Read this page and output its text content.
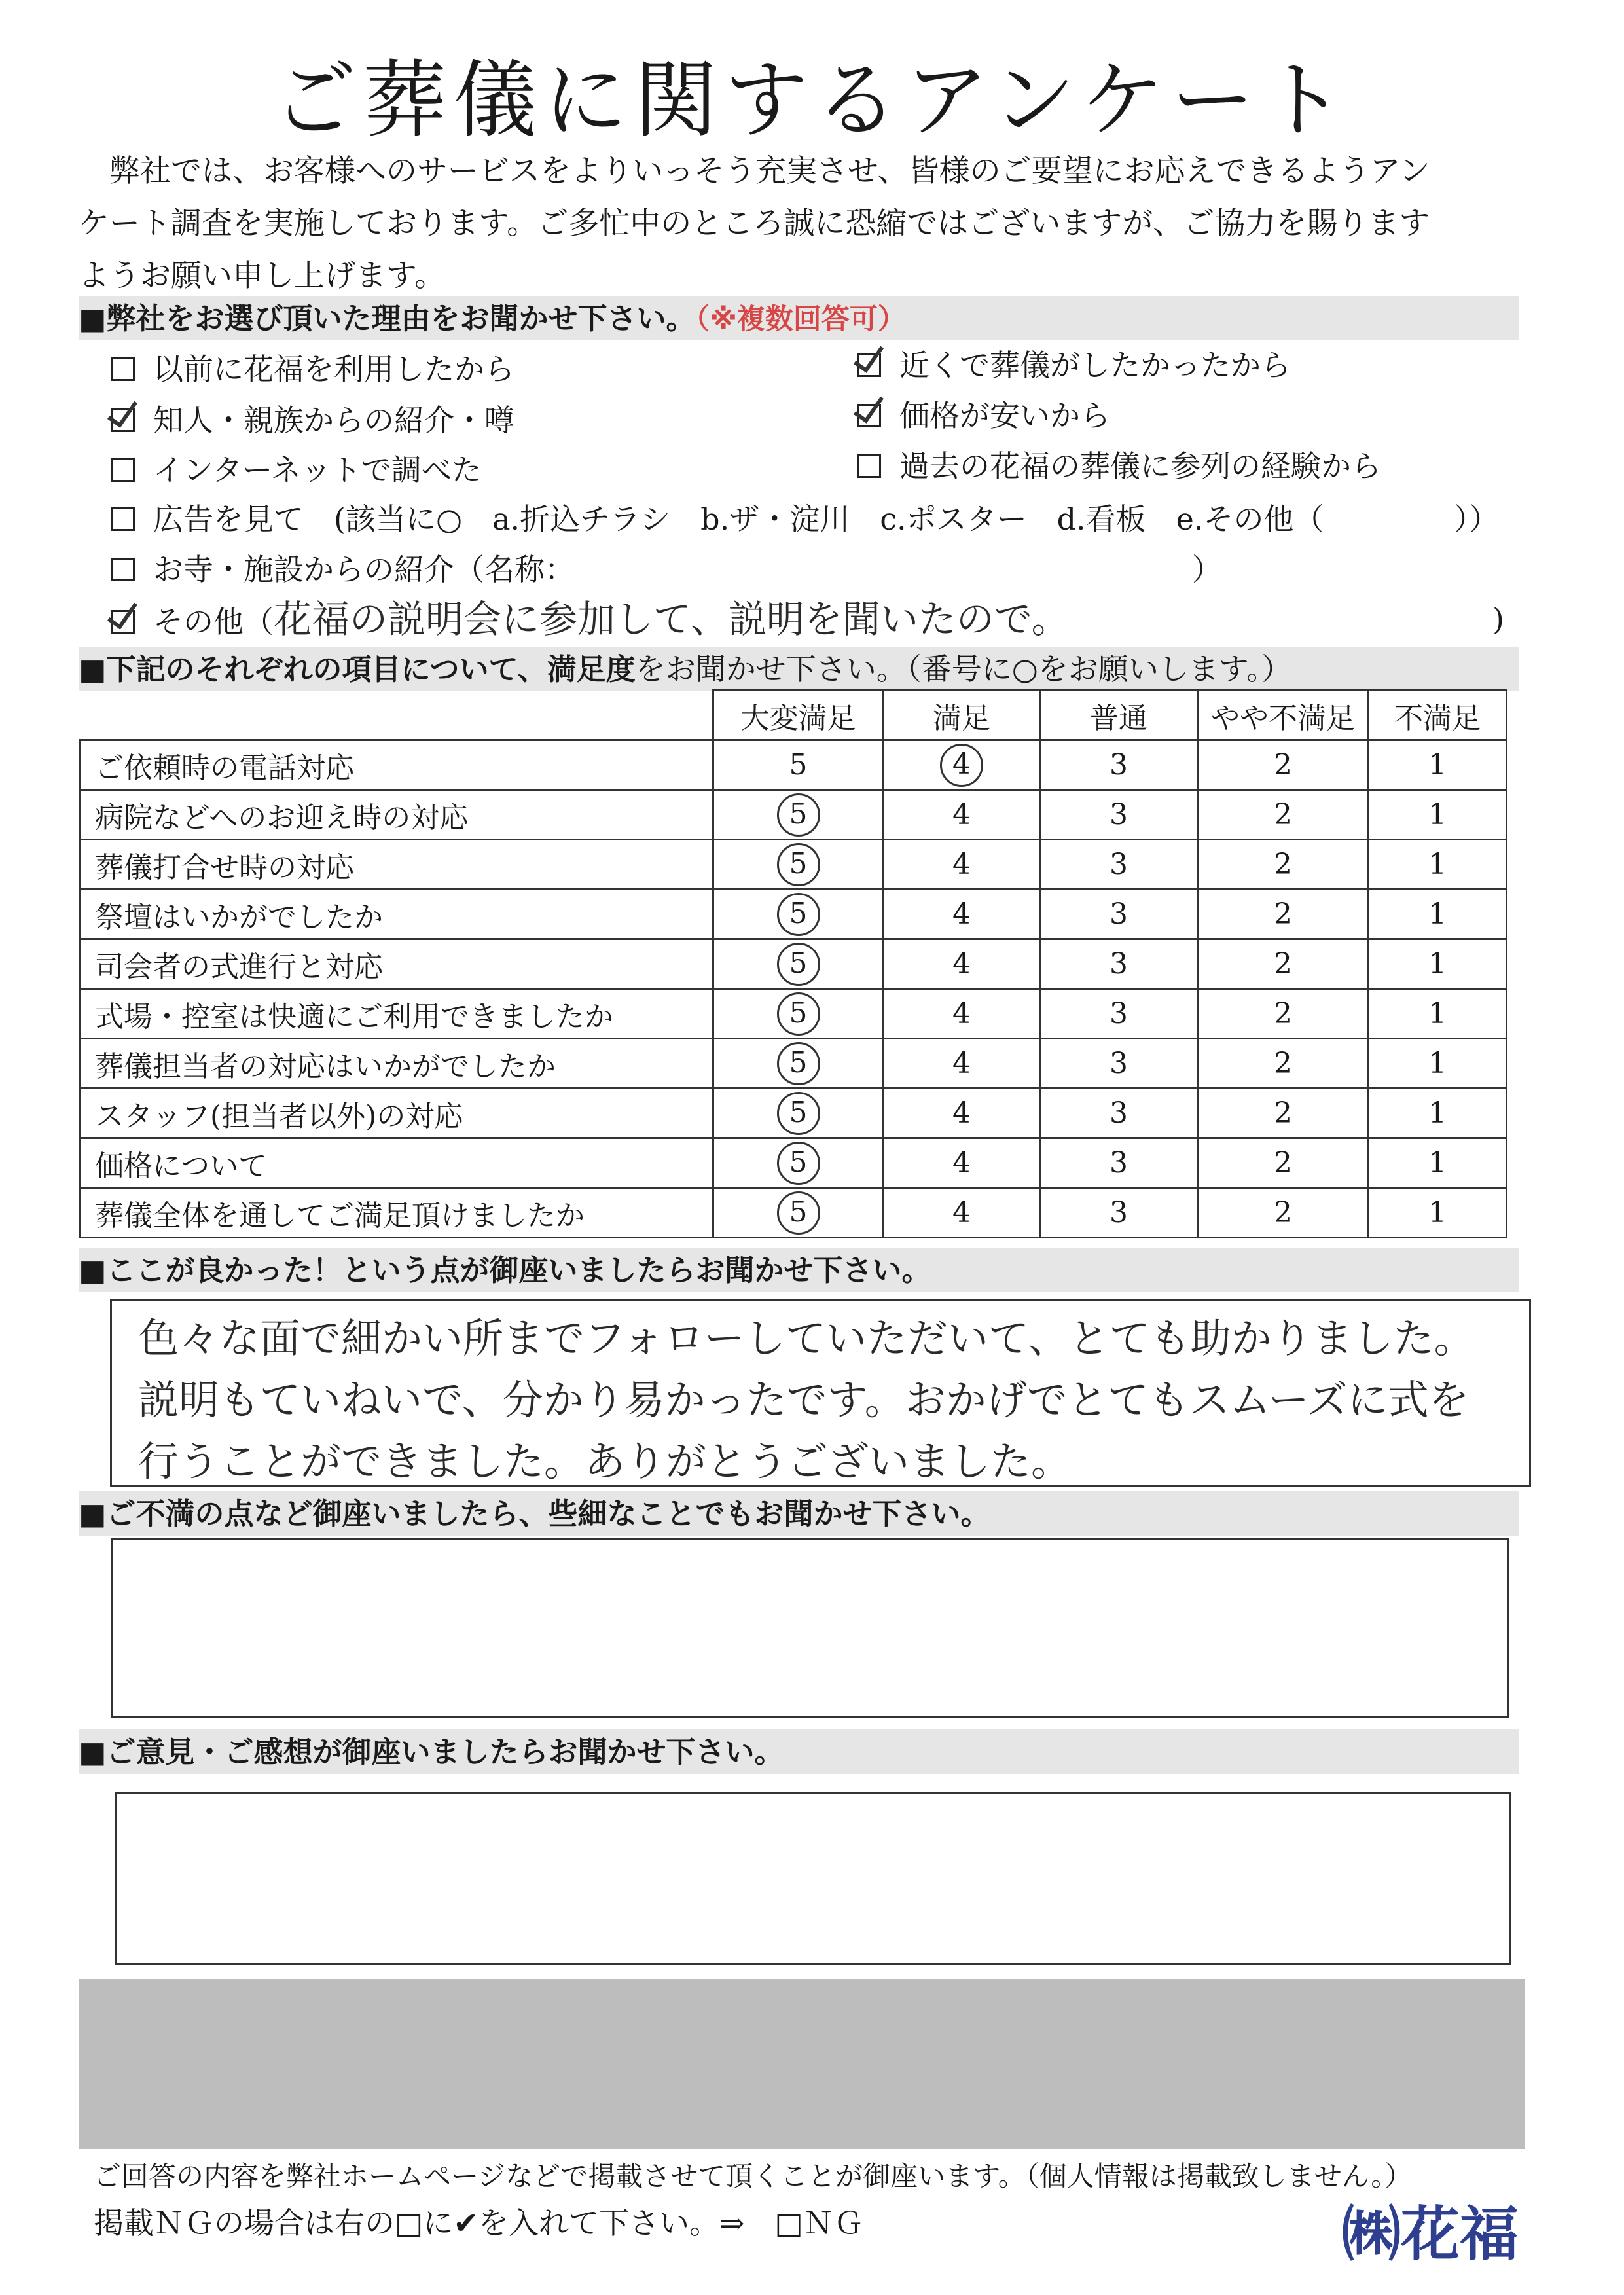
ご葬儀に関するアンケート
　弊社では、お客様へのサービスをよりいっそう充実させ、皆様のご要望にお応えできるようアン
ケート調査を実施しております。ご多忙中のところ誠に恐縮ではございますが、ご協力を賜ります
ようお願い申し上げます。
■弊社をお選び頂いた理由をお聞かせ下さい。（※複数回答可）
以前に花福を利用したから	近くで葬儀がしたかったから
知人・親族からの紹介・噂	価格が安いから
インターネットで調べた	過去の花福の葬儀に参列の経験から
広告を見て　(該当に○　a.折込チラシ　b.ザ・淀川　c.ポスター　d.看板　e.その他（　　　　 ））
お寺・施設からの紹介（名称：　　　　　　　　　　　　　　　　　　　　　）
その他（花福の説明会に参加して、説明を聞いたので。	)
■下記のそれぞれの項目について、満足度をお聞かせ下さい。（番号に○をお願いします。）
	大変満足	満足	普通	やや不満足	不満足
ご依頼時の電話対応	5	4	3	2	1
病院などへのお迎え時の対応	5	4	3	2	1
葬儀打合せ時の対応	5	4	3	2	1
祭壇はいかがでしたか	5	4	3	2	1
司会者の式進行と対応	5	4	3	2	1
式場・控室は快適にご利用できましたか	5	4	3	2	1
葬儀担当者の対応はいかがでしたか	5	4	3	2	1
スタッフ(担当者以外)の対応	5	4	3	2	1
価格について	5	4	3	2	1
葬儀全体を通してご満足頂けましたか	5	4	3	2	1
■ここが良かった！という点が御座いましたらお聞かせ下さい。
色々な面で細かい所までフォローしていただいて、とても助かりました。
説明もていねいで、分かり易かったです。おかげでとてもスムーズに式を
行うことができました。ありがとうございました。
■ご不満の点など御座いましたら、些細なことでもお聞かせ下さい。
■ご意見・ご感想が御座いましたらお聞かせ下さい。
ご回答の内容を弊社ホームページなどで掲載させて頂くことが御座います。（個人情報は掲載致しません。）
掲載ＮＧの場合は右の□に✔を入れて下さい。⇒　□ＮＧ	㈱花福
